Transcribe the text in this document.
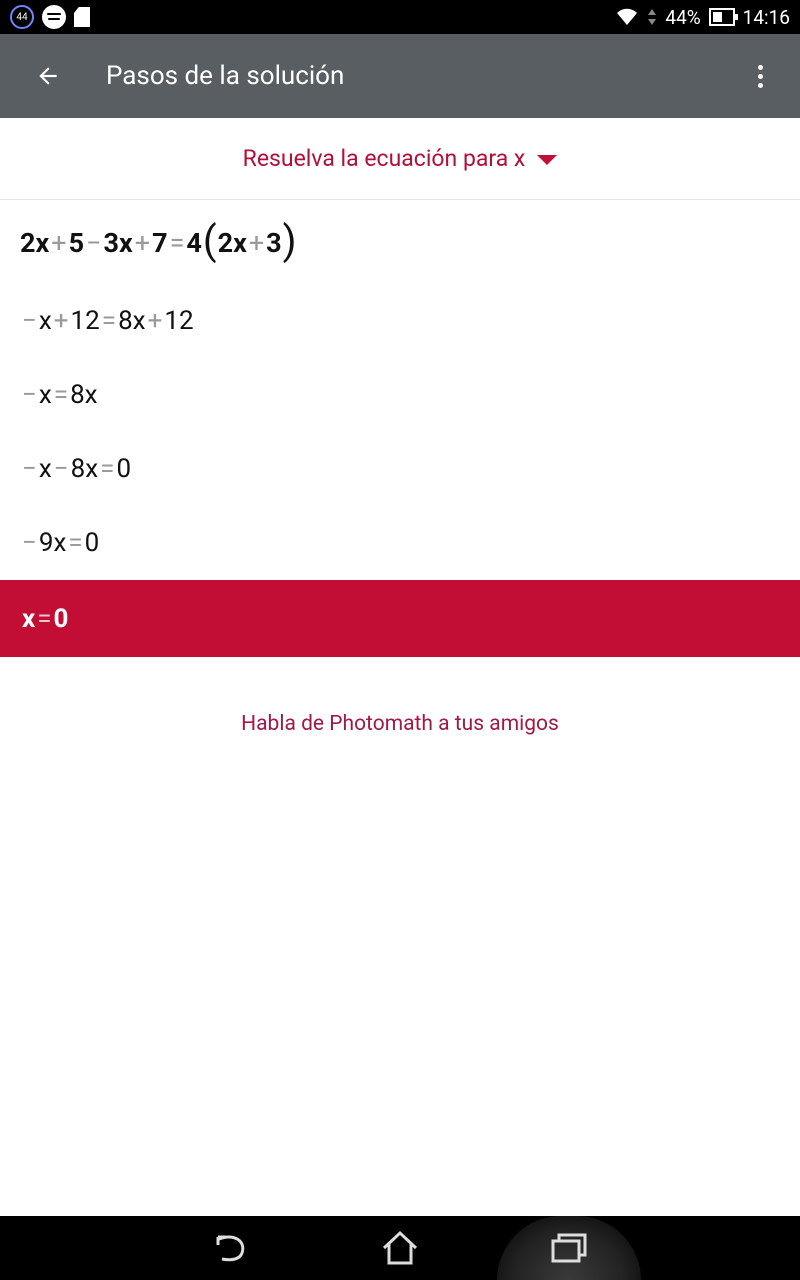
44	44% 14:16
Pasos de la solución
Resuelva la ecuación para x
2x + 5 − 3x + 7 = 4 ( 2x + 3 )
− x + 12 = 8x + 12
− x = 8x
− x − 8x = 0
− 9x = 0
x = 0
Habla de Photomath a tus amigos
